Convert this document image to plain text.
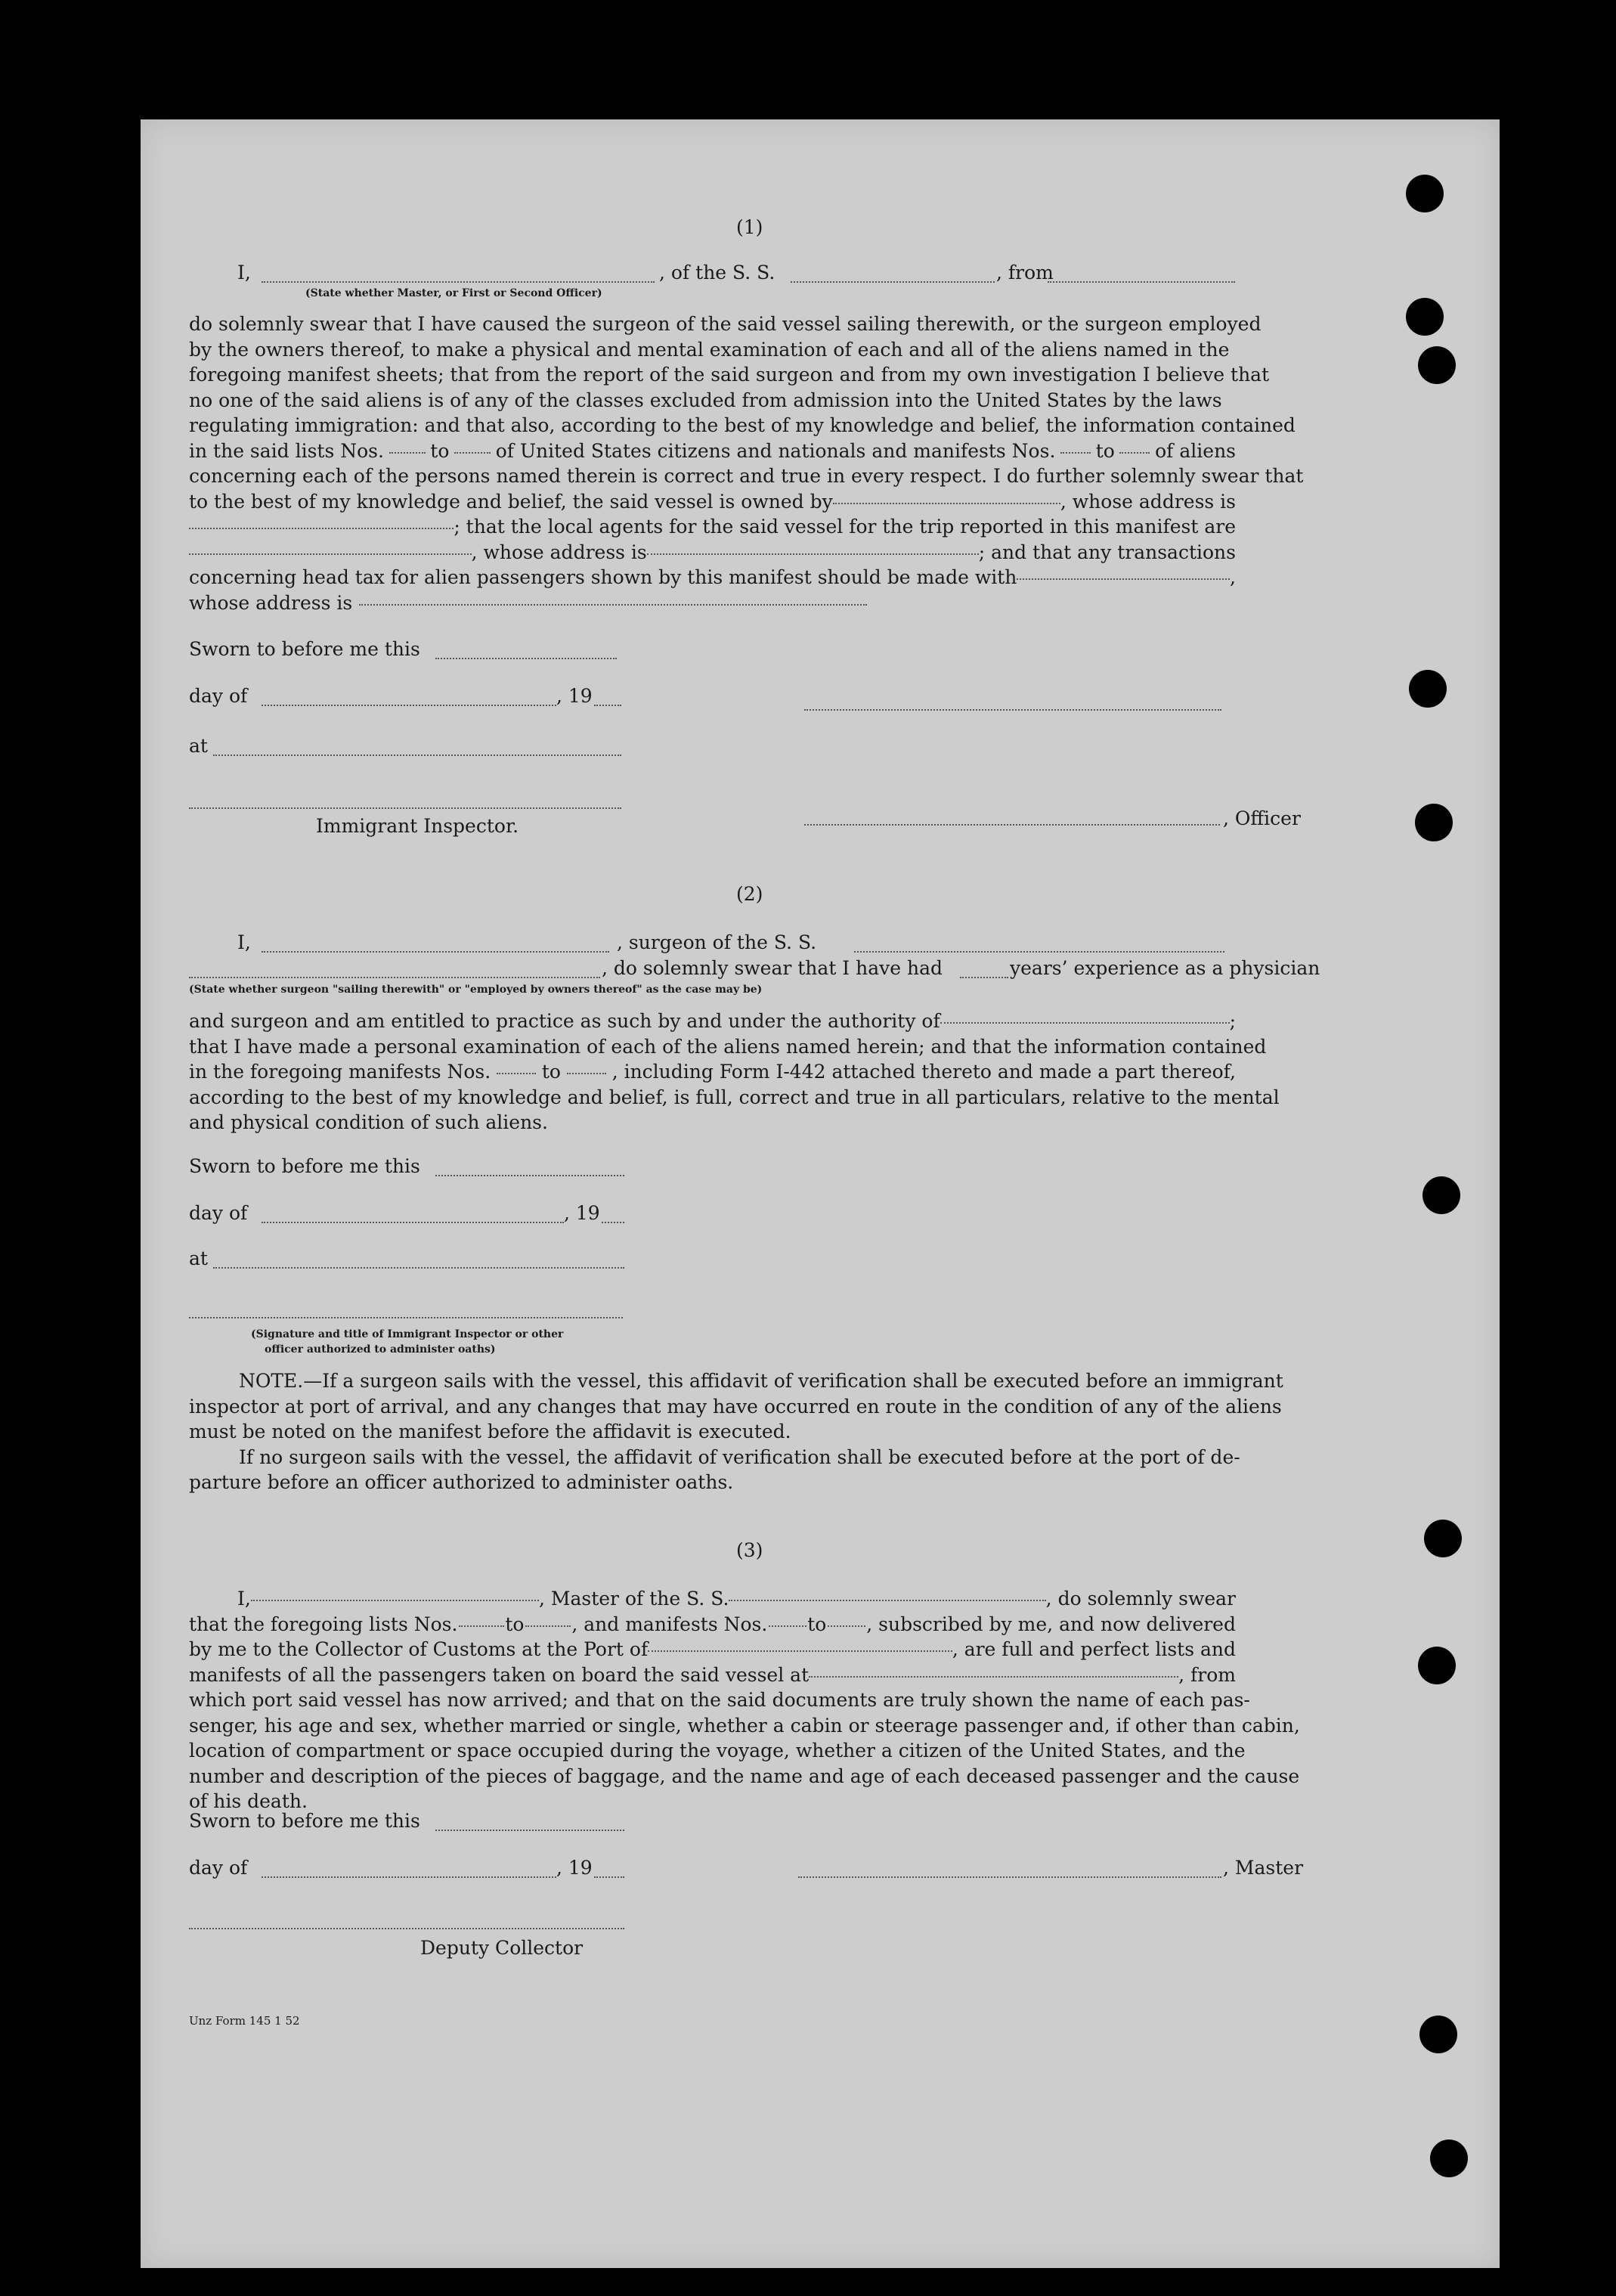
(1)
I,	, of the S. S.	, from
(State whether Master, or First or Second Officer)
do solemnly swear that I have caused the surgeon of the said vessel sailing therewith, or the surgeon employed
by the owners thereof, to make a physical and mental examination of each and all of the aliens named in the
foregoing manifest sheets; that from the report of the said surgeon and from my own investigation I believe that
no one of the said aliens is of any of the classes excluded from admission into the United States by the laws
regulating immigration: and that also, according to the best of my knowledge and belief, the information contained
in the said lists Nos. to of United States citizens and nationals and manifests Nos. to of aliens
concerning each of the persons named therein is correct and true in every respect. I do further solemnly swear that
to the best of my knowledge and belief, the said vessel is owned by	, whose address is
; that the local agents for the said vessel for the trip reported in this manifest are
, whose address is	; and that any transactions
concerning head tax for alien passengers shown by this manifest should be made with	,
whose address is
Sworn to before me this
day of	, 19
at
, Officer
Immigrant Inspector.
(2)
I,	, surgeon of the S. S.
, do solemnly swear that I have had	years’ experience as a physician
(State whether surgeon "sailing therewith" or "employed by owners thereof" as the case may be)
and surgeon and am entitled to practice as such by and under the authority of	;
that I have made a personal examination of each of the aliens named herein; and that the information contained
in the foregoing manifests Nos.	to	, including Form I-442 attached thereto and made a part thereof,
according to the best of my knowledge and belief, is full, correct and true in all particulars, relative to the mental
and physical condition of such aliens.
Sworn to before me this
day of	, 19
at
(Signature and title of Immigrant Inspector or other
officer authorized to administer oaths)
NOTE.—If a surgeon sails with the vessel, this affidavit of verification shall be executed before an immigrant
inspector at port of arrival, and any changes that may have occurred en route in the condition of any of the aliens
must be noted on the manifest before the affidavit is executed.
If no surgeon sails with the vessel, the affidavit of verification shall be executed before at the port of de-
parture before an officer authorized to administer oaths.
(3)
I,	, Master of the S. S.	, do solemnly swear
that the foregoing lists Nos.	to	, and manifests Nos. to , subscribed by me, and now delivered
by me to the Collector of Customs at the Port of	, are full and perfect lists and
manifests of all the passengers taken on board the said vessel at	, from
which port said vessel has now arrived; and that on the said documents are truly shown the name of each pas-
senger, his age and sex, whether married or single, whether a cabin or steerage passenger and, if other than cabin,
location of compartment or space occupied during the voyage, whether a citizen of the United States, and the
number and description of the pieces of baggage, and the name and age of each deceased passenger and the cause
of his death.
Sworn to before me this
day of	, 19	, Master
Deputy Collector
Unz Form 145 1 52
